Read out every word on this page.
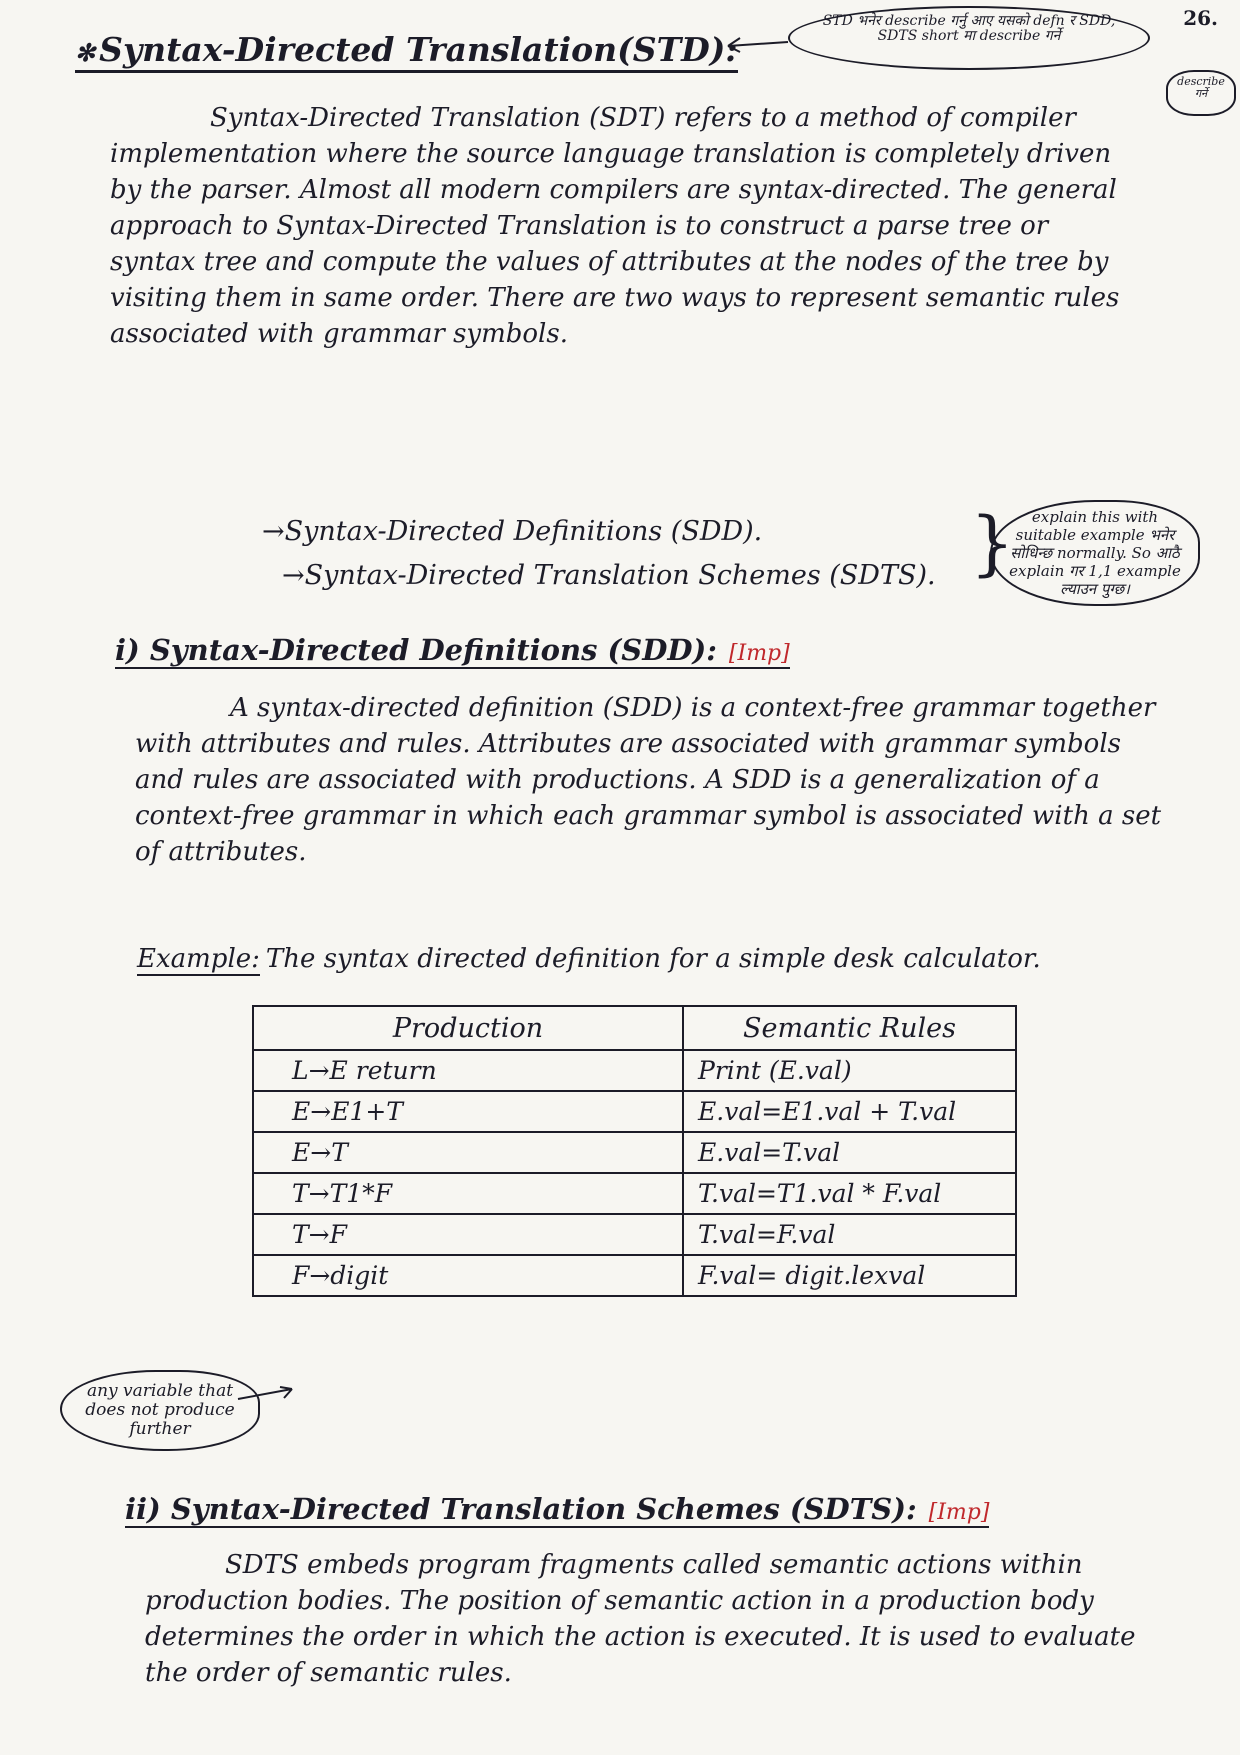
26.
✻ Syntax-Directed Translation(STD):
STD भनेर describe गर्नु आए यसको defn र SDD, SDTS short मा describe गर्ने
describe गर्ने
Syntax-Directed Translation (SDT) refers to a method of compiler implementation where the source language translation is completely driven by the parser. Almost all modern compilers are syntax-directed. The general approach to Syntax-Directed Translation is to construct a parse tree or syntax tree and compute the values of attributes at the nodes of the tree by visiting them in same order. There are two ways to represent semantic rules associated with grammar symbols.
→Syntax-Directed Definitions (SDD).
→Syntax-Directed Translation Schemes (SDTS). }	explain this with suitable example भनेर सोधिन्छ normally. So आठै explain गर 1,1 example ल्याउन पुग्छ।
i) Syntax-Directed Definitions (SDD): [Imp]
A syntax-directed definition (SDD) is a context-free grammar together with attributes and rules. Attributes are associated with grammar symbols and rules are associated with productions. A SDD is a generalization of a context-free grammar in which each grammar symbol is associated with a set of attributes.
Example: The syntax directed definition for a simple desk calculator.
Production	Semantic Rules
L→E return	Print (E.val)
E→E1+T	E.val=E1.val + T.val
E→T	E.val=T.val
T→T1*F	T.val=T1.val * F.val
T→F	T.val=F.val
F→digit	F.val= digit.lexval
any variable that does not produce further
ii) Syntax-Directed Translation Schemes (SDTS): [Imp]
SDTS embeds program fragments called semantic actions within production bodies. The position of semantic action in a production body determines the order in which the action is executed. It is used to evaluate the order of semantic rules.
